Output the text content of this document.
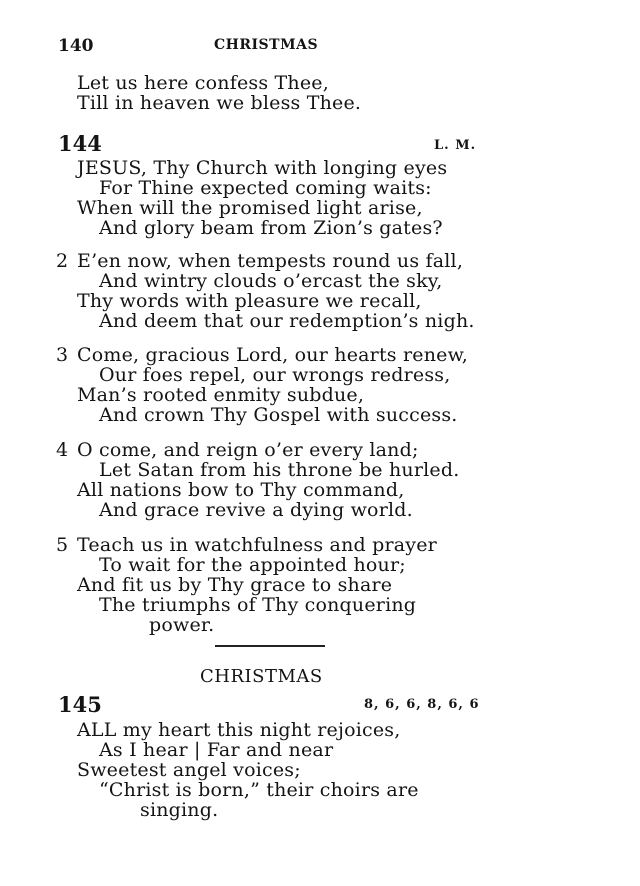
140	CHRISTMAS
Let us here confess Thee,
Till in heaven we bless Thee.
144	L. M.
JESUS, Thy Church with longing eyes
For Thine expected coming waits:
When will the promised light arise,
And glory beam from Zion’s gates?
2 E’en now, when tempests round us fall,
And wintry clouds o’ercast the sky,
Thy words with pleasure we recall,
And deem that our redemption’s nigh.
3 Come, gracious Lord, our hearts renew,
Our foes repel, our wrongs redress,
Man’s rooted enmity subdue,
And crown Thy Gospel with success.
4 O come, and reign o’er every land;
Let Satan from his throne be hurled.
All nations bow to Thy command,
And grace revive a dying world.
5 Teach us in watchfulness and prayer
To wait for the appointed hour;
And fit us by Thy grace to share
The triumphs of Thy conquering
power.
CHRISTMAS
145	8, 6, 6, 8, 6, 6
ALL my heart this night rejoices,
As I hear | Far and near
Sweetest angel voices;
“Christ is born,” their choirs are
singing.
